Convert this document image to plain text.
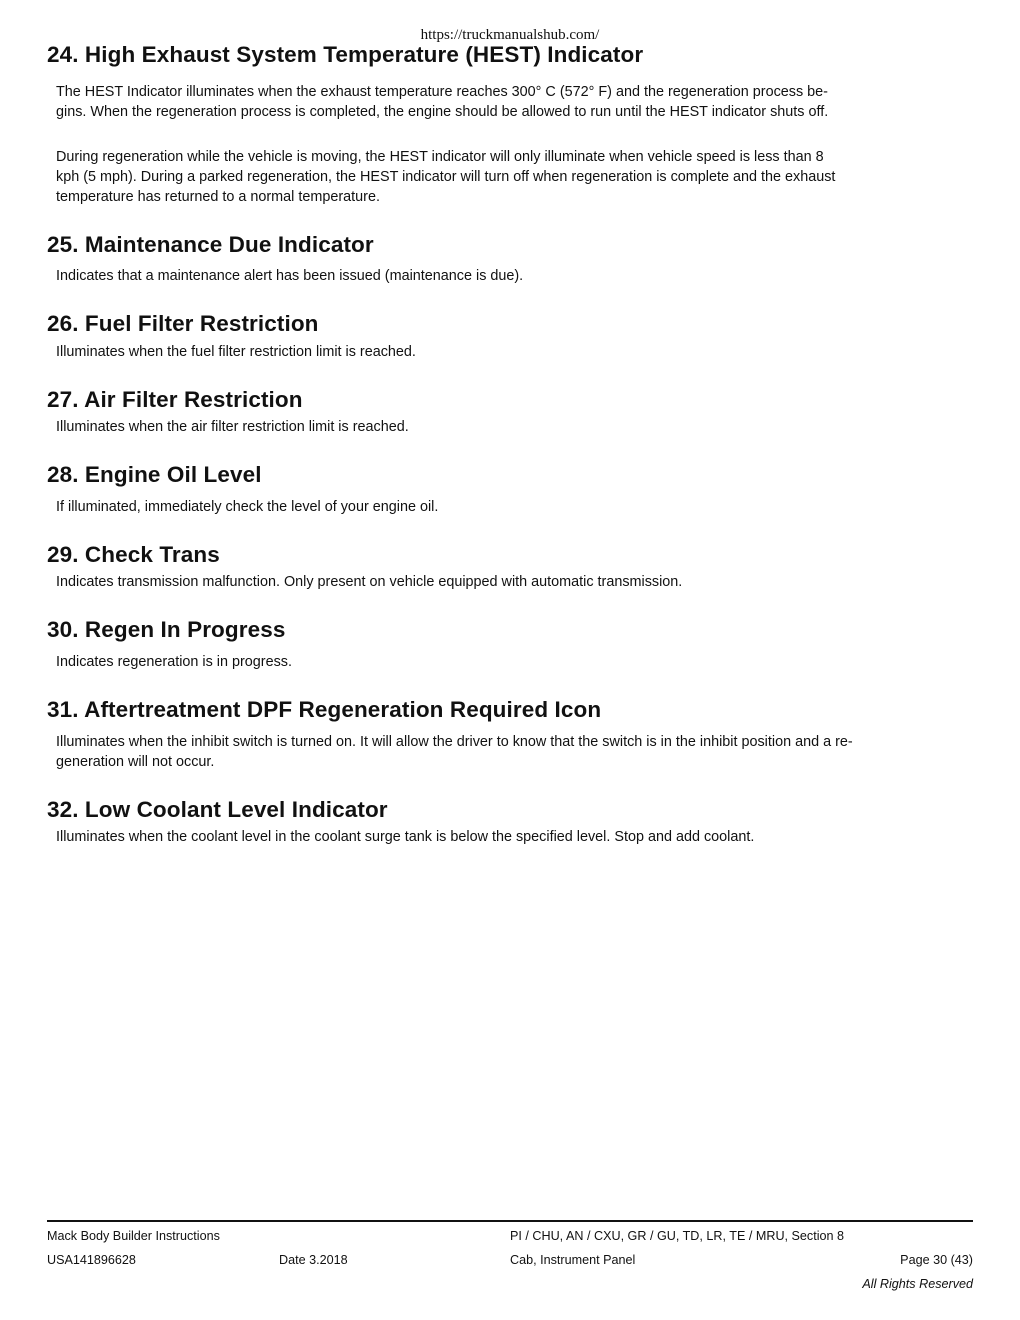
https://truckmanualshub.com/
24. High Exhaust System Temperature (HEST) Indicator

The HEST Indicator illuminates when the exhaust temperature reaches 300° C (572° F) and the regeneration process be-

gins. When the regeneration process is completed, the engine should be allowed to run until the HEST indicator shuts off.

During regeneration while the vehicle is moving, the HEST indicator will only illuminate when vehicle speed is less than 8

kph (5 mph). During a parked regeneration, the HEST indicator will turn off when regeneration is complete and the exhaust

temperature has returned to a normal temperature.

25. Maintenance Due Indicator

Indicates that a maintenance alert has been issued (maintenance is due).

26. Fuel Filter Restriction

Illuminates when the fuel filter restriction limit is reached.

27. Air Filter Restriction

Illuminates when the air filter restriction limit is reached.

28. Engine Oil Level

If illuminated, immediately check the level of your engine oil.

29. Check Trans

Indicates transmission malfunction. Only present on vehicle equipped with automatic transmission.

30. Regen In Progress

Indicates regeneration is in progress.

31. Aftertreatment DPF Regeneration Required Icon

Illuminates when the inhibit switch is turned on. It will allow the driver to know that the switch is in the inhibit position and a re-

generation will not occur.

32. Low Coolant Level Indicator

Illuminates when the coolant level in the coolant surge tank is below the specified level. Stop and add coolant.

Mack Body Builder Instructions	PI / CHU, AN / CXU, GR / GU, TD, LR, TE / MRU, Section 8
USA141896628	Date 3.2018	Cab, Instrument Panel	Page 30 (43)
All Rights Reserved
